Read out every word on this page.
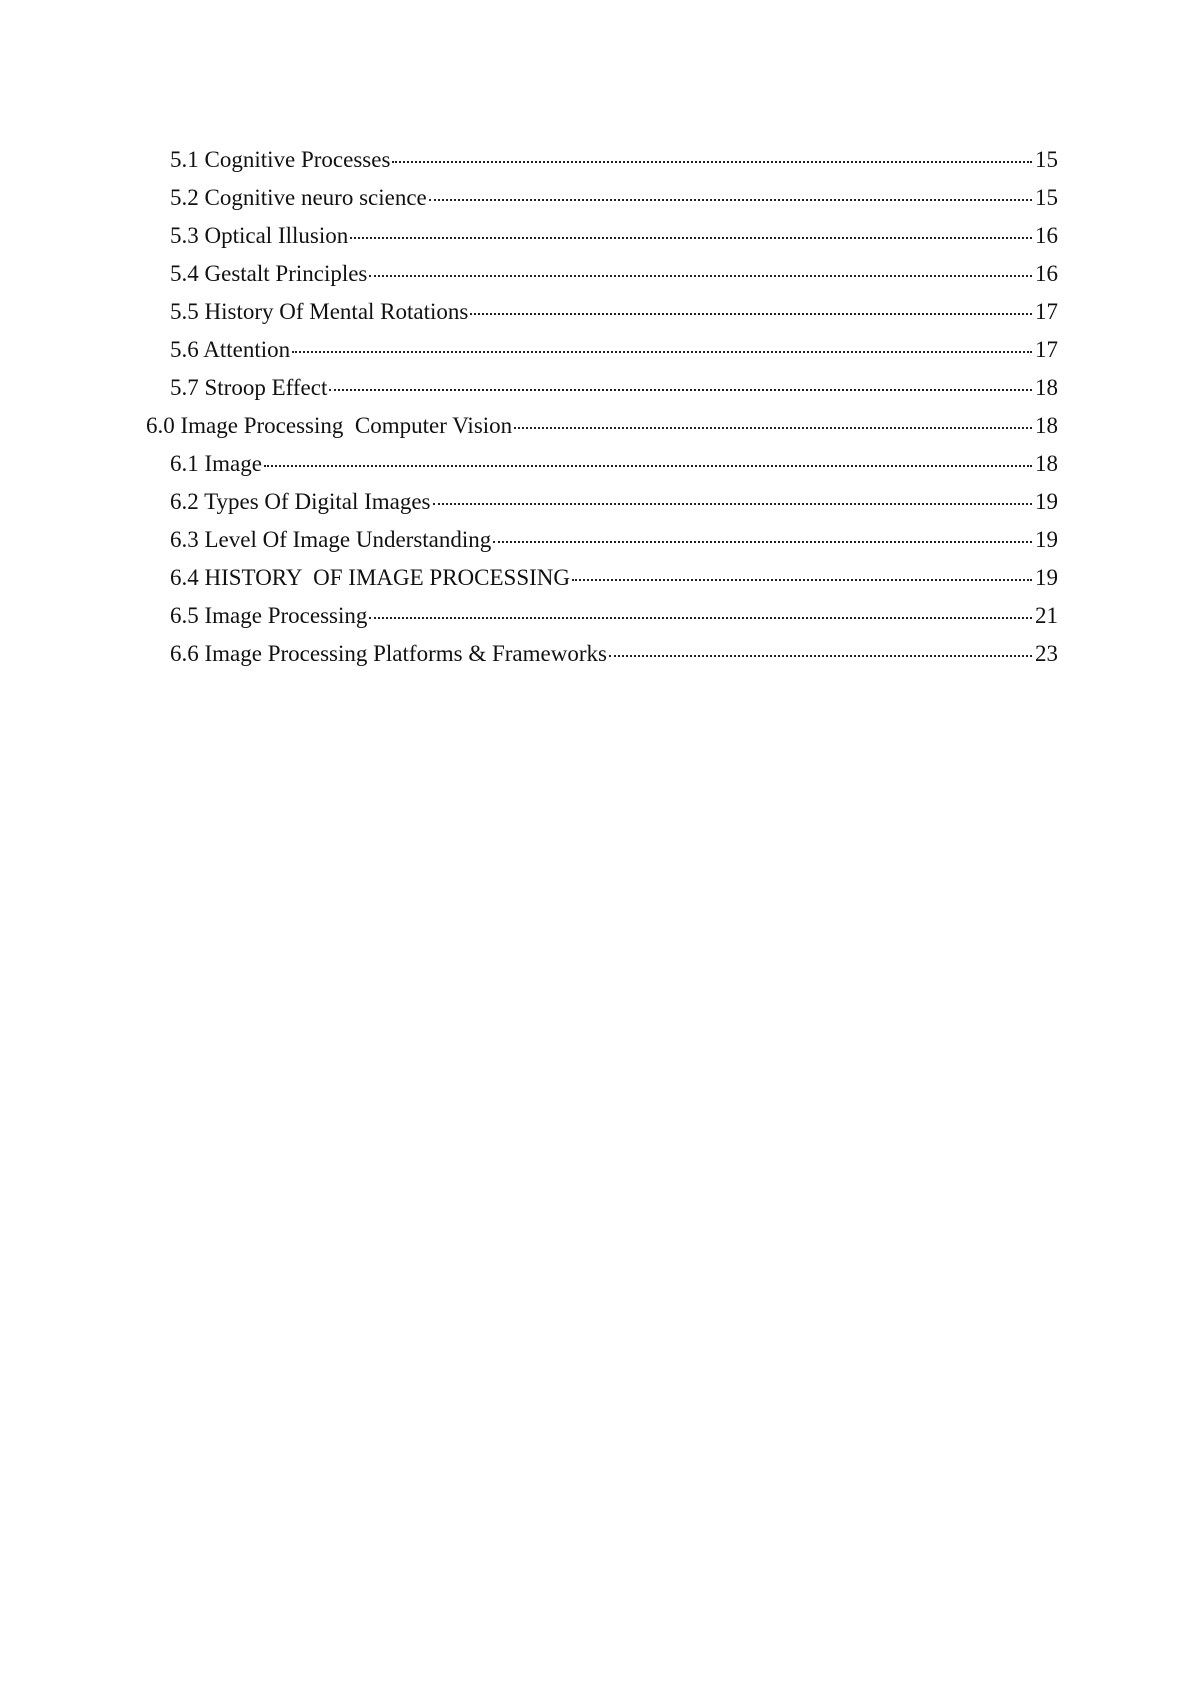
5.1 Cognitive Processes	15
5.2 Cognitive neuro science	15
5.3 Optical Illusion	16
5.4 Gestalt Principles	16
5.5 History Of Mental Rotations	17
5.6 Attention	17
5.7 Stroop Effect	18
6.0 Image Processing  Computer Vision	18
6.1 Image	18
6.2 Types Of Digital Images	19
6.3 Level Of Image Understanding	19
6.4 HISTORY  OF IMAGE PROCESSING	19
6.5 Image Processing	21
6.6 Image Processing Platforms & Frameworks	23
